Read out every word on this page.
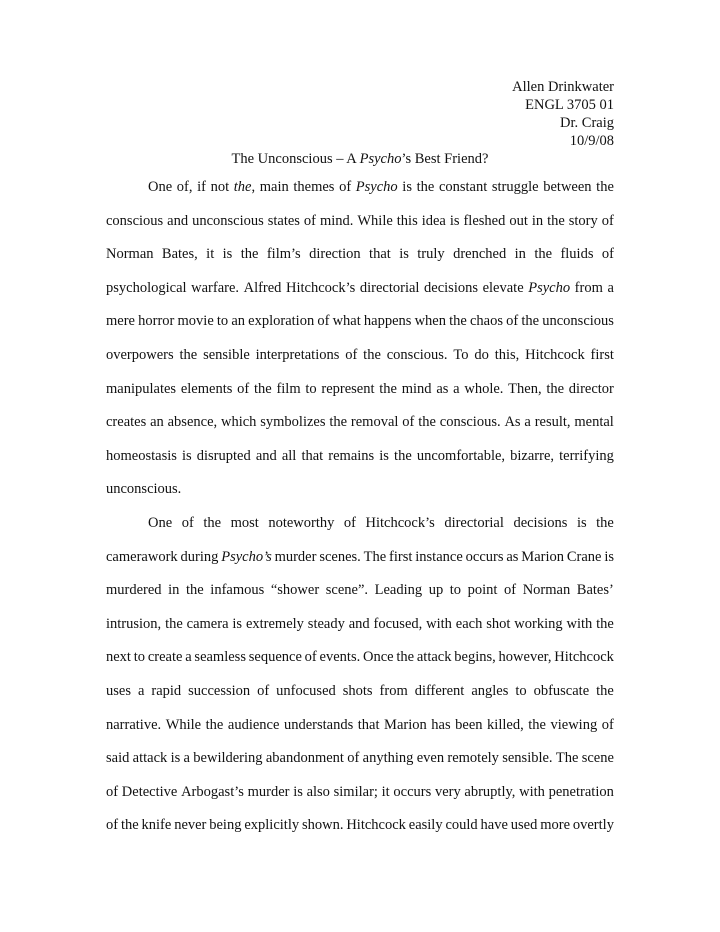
Allen Drinkwater
ENGL 3705 01
Dr. Craig
10/9/08
The Unconscious – A Psycho’s Best Friend?
One of, if not the, main themes of Psycho is the constant struggle between the
conscious and unconscious states of mind. While this idea is fleshed out in the story of
Norman Bates, it is the film’s direction that is truly drenched in the fluids of
psychological warfare. Alfred Hitchcock’s directorial decisions elevate Psycho from a
mere horror movie to an exploration of what happens when the chaos of the unconscious
overpowers the sensible interpretations of the conscious. To do this, Hitchcock first
manipulates elements of the film to represent the mind as a whole. Then, the director
creates an absence, which symbolizes the removal of the conscious. As a result, mental
homeostasis is disrupted and all that remains is the uncomfortable, bizarre, terrifying
unconscious.
One of the most noteworthy of Hitchcock’s directorial decisions is the
camerawork during Psycho’s murder scenes. The first instance occurs as Marion Crane is
murdered in the infamous “shower scene”. Leading up to point of Norman Bates’
intrusion, the camera is extremely steady and focused, with each shot working with the
next to create a seamless sequence of events. Once the attack begins, however, Hitchcock
uses a rapid succession of unfocused shots from different angles to obfuscate the
narrative. While the audience understands that Marion has been killed, the viewing of
said attack is a bewildering abandonment of anything even remotely sensible. The scene
of Detective Arbogast’s murder is also similar; it occurs very abruptly, with penetration
of the knife never being explicitly shown. Hitchcock easily could have used more overtly
